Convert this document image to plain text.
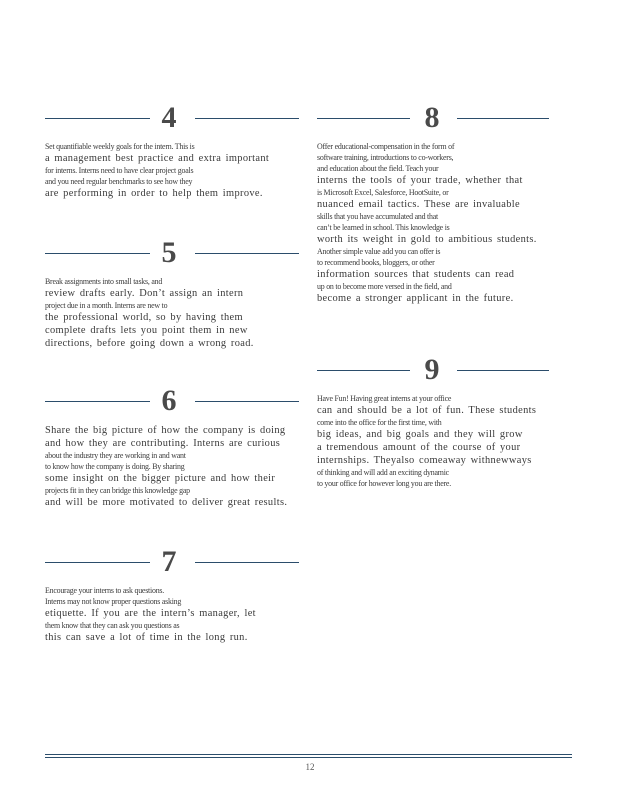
4
Set quantifiable weekly goals for the intern. This is
a management best practice and extra important
for interns. Interns need to have clear project goals
and you need regular benchmarks to see how they
are performing in order to help them improve.
5
Break assignments into small tasks, and
review drafts early. Don’t assign an intern
project due in a month. Interns are new to
the professional world, so by having them
complete drafts lets you point them in new
directions, before going down a wrong road.
6
Share the big picture of how the company is doing
and how they are contributing. Interns are curious
about the industry they are working in and want
to know how the company is doing. By sharing
some insight on the bigger picture and how their
projects fit in they can bridge this knowledge gap
and will be more motivated to deliver great results.
7
Encourage your interns to ask questions.
Interns may not know proper questions asking
etiquette. If you are the intern’s manager, let
them know that they can ask you questions as
this can save a lot of time in the long run.
8
Offer educational-compensation in the form of
software training, introductions to co-workers,
and education about the field. Teach your
interns the tools of your trade, whether that
is Microsoft Excel, Salesforce, HootSuite, or
nuanced email tactics. These are invaluable
skills that you have accumulated and that
can’t be learned in school. This knowledge is
worth its weight in gold to ambitious students.
Another simple value add you can offer is
to recommend books, bloggers, or other
information sources that students can read
up on to become more versed in the field, and
become a stronger applicant in the future.
9
Have Fun! Having great interns at your office
can and should be a lot of fun. These students
come into the office for the first time, with
big ideas, and big goals and they will grow
a tremendous amount of the course of your
internships. Theyalso comeaway withnewways
of thinking and will add an exciting dynamic
to your office for however long you are there.
12
